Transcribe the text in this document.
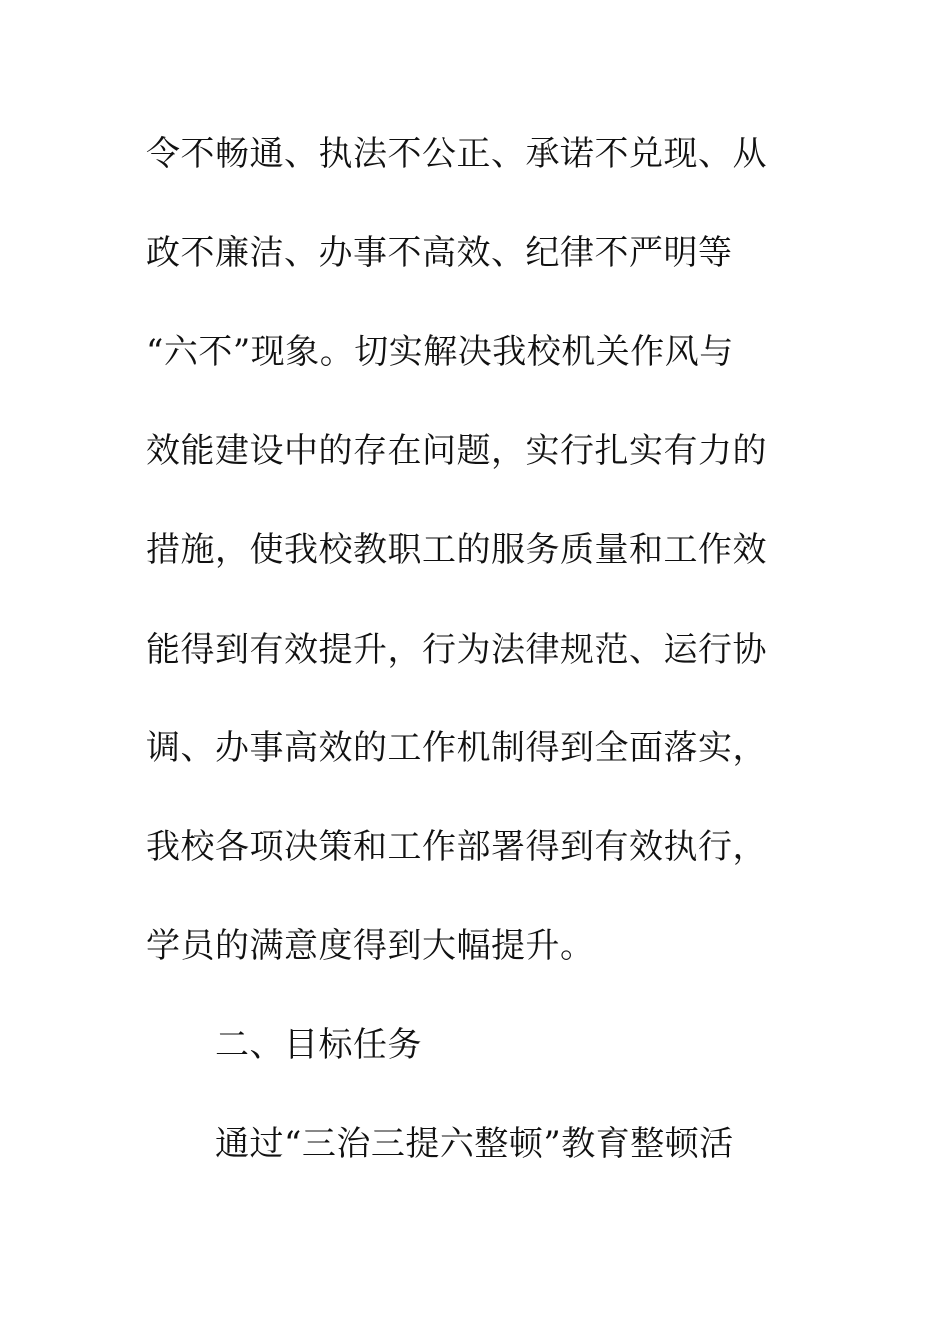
令不畅通、执法不公正、承诺不兑现、从
政不廉洁、办事不高效、纪律不严明等
“六不”现象。切实解决我校机关作风与
效能建设中的存在问题，实行扎实有力的
措施，使我校教职工的服务质量和工作效
能得到有效提升，行为法律规范、运行协
调、办事高效的工作机制得到全面落实，
我校各项决策和工作部署得到有效执行，
学员的满意度得到大幅提升。
二、目标任务
通过“三治三提六整顿”教育整顿活
